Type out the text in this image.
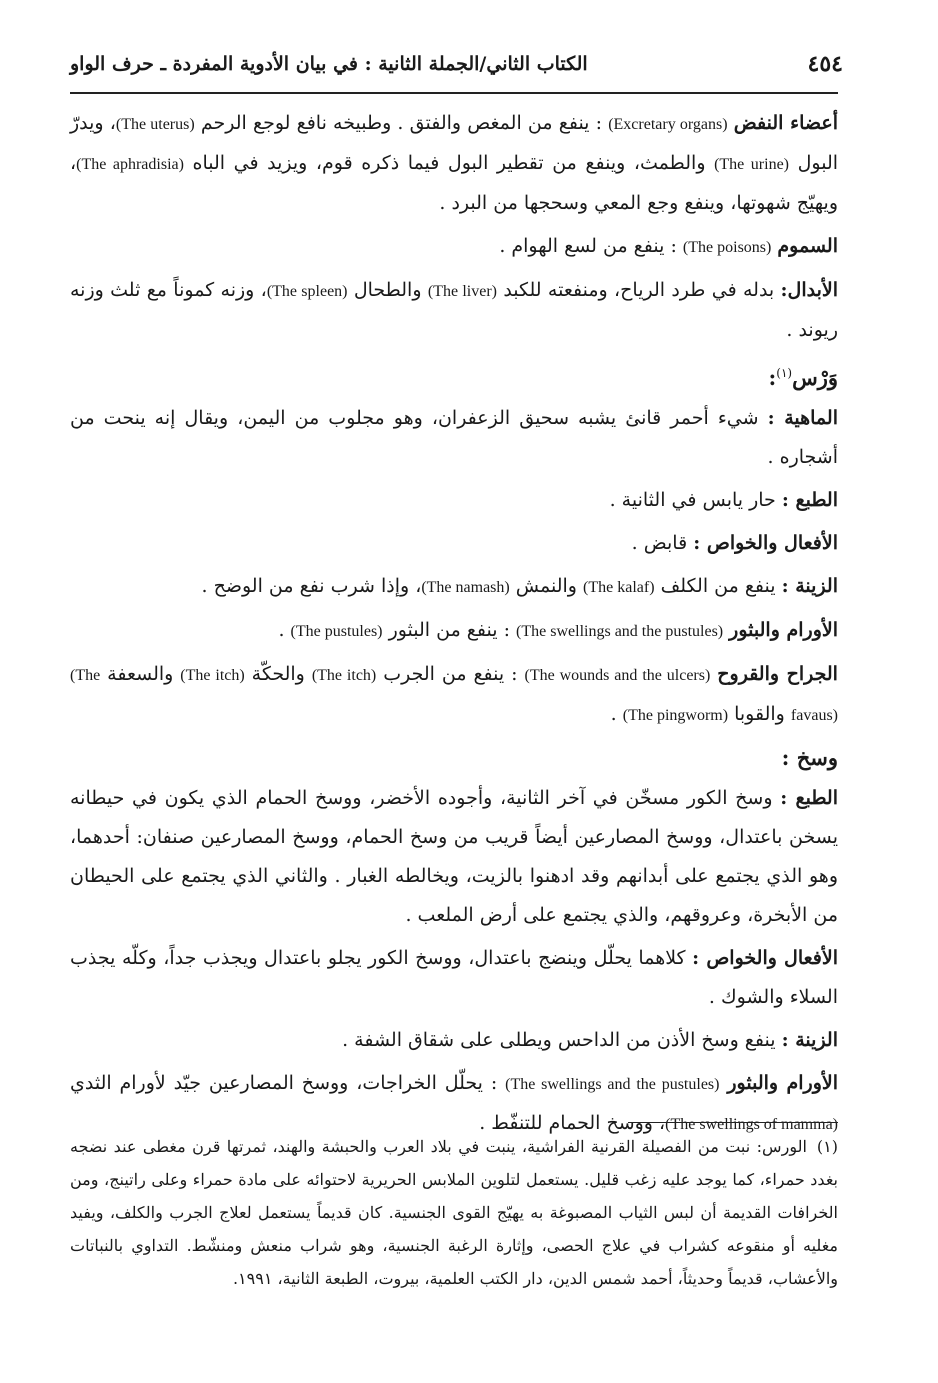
٤٥٤
الكتاب الثاني/الجملة الثانية : في بيان الأدوية المفردة ـ حرف الواو

أعضاء النفض (Excretary organs) : ينفع من المغص والفتق . وطبيخه نافع لوجع الرحم (The uterus)، ويدرّ البول (The urine) والطمث، وينفع من تقطير البول فيما ذكره قوم، ويزيد في الباه (The aphradisia)، ويهيّج شهوتها، وينفع وجع المعي وسحجها من البرد .

السموم (The poisons) : ينفع من لسع الهوام .

الأبدال: بدله في طرد الرياح، ومنفعته للكبد (The liver) والطحال (The spleen)، وزنه كموناً مع ثلث وزنه ريوند .

وَرْس$^{(١)}$:

الماهية : شيء أحمر قانئ يشبه سحيق الزعفران، وهو مجلوب من اليمن، ويقال إنه ينحت من أشجاره .

الطبع : حار يابس في الثانية .

الأفعال والخواص : قابض .

الزينة : ينفع من الكلف (The kalaf) والنمش (The namash)، وإذا شرب نفع من الوضح .

الأورام والبثور (The swellings and the pustules) : ينفع من البثور (The pustules) .

الجراح والقروح (The wounds and the ulcers) : ينفع من الجرب (The itch) والحكّة (The itch) والسعفة (The favaus) والقوبا (The pingworm) .

وسخ :

الطبع : وسخ الكور مسخّن في آخر الثانية، وأجوده الأخضر، ووسخ الحمام الذي يكون في حيطانه يسخن باعتدال، ووسخ المصارعين أيضاً قريب من وسخ الحمام، ووسخ المصارعين صنفان: أحدهما، وهو الذي يجتمع على أبدانهم وقد ادهنوا بالزيت، ويخالطه الغبار . والثاني الذي يجتمع على الحيطان من الأبخرة، وعروقهم، والذي يجتمع على أرض الملعب .

الأفعال والخواص : كلاهما يحلّل وينضج باعتدال، ووسخ الكور يجلو باعتدال ويجذب جداً، وكلّه يجذب السلاء والشوك .

الزينة : ينفع وسخ الأذن من الداحس ويطلى على شقاق الشفة .

الأورام والبثور (The swellings and the pustules) : يحلّل الخراجات، ووسخ المصارعين جيّد لأورام الثدي (The swellings of mamma)، ووسخ الحمام للتنفّط .

(١)الورس: نبت من الفصيلة القرنية الفراشية، ينبت في بلاد العرب والحبشة والهند، ثمرتها قرن مغطى عند نضجه بغدد حمراء، كما يوجد عليه زغب قليل. يستعمل لتلوين الملابس الحريرية لاحتوائه على مادة حمراء وعلى راتينج، ومن الخرافات القديمة أن لبس الثياب المصبوغة به يهيّج القوى الجنسية. كان قديماً يستعمل لعلاج الجرب والكلف، ويفيد مغليه أو منقوعه كشراب في علاج الحصى، وإثارة الرغبة الجنسية، وهو شراب منعش ومنشّط. التداوي بالنباتات والأعشاب، قديماً وحديثاً، أحمد شمس الدين، دار الكتب العلمية، بيروت، الطبعة الثانية، ١٩٩١.
